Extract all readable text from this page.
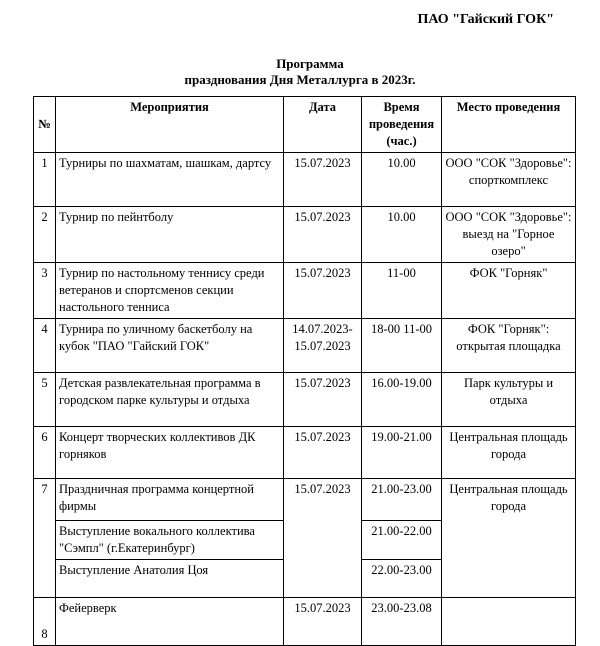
ПАО "Гайский ГОК"
Программа
празднования Дня Металлурга в 2023г.
№	Мероприятия	Дата	Время проведения (час.)	Место проведения
1	Турниры по шахматам, шашкам, дартсу	15.07.2023	10.00	ООО "СОК "Здоровье": спорткомплекс
2	Турнир по пейнтболу	15.07.2023	10.00	ООО "СОК "Здоровье": выезд на "Горное озеро"
3	Турнир по настольному теннису среди ветеранов и спортсменов секции настольного тенниса	15.07.2023	11-00	ФОК "Горняк"
4	Турнира по уличному баскетболу на кубок "ПАО "Гайский ГОК"	14.07.2023- 15.07.2023	18-00 11-00	ФОК "Горняк": открытая площадка
5	Детская развлекательная программа в городском парке культуры и отдыха	15.07.2023	16.00-19.00	Парк культуры и отдыха
6	Концерт творческих коллективов ДК горняков	15.07.2023	19.00-21.00	Центральная площадь города
7	Праздничная программа концертной фирмы	15.07.2023	21.00-23.00	Центральная площадь города
	Выступление вокального коллектива "Сэмпл" (г.Екатеринбург)		21.00-22.00	
	Выступление Анатолия Цоя		22.00-23.00	
8	Фейерверк	15.07.2023	23.00-23.08	
